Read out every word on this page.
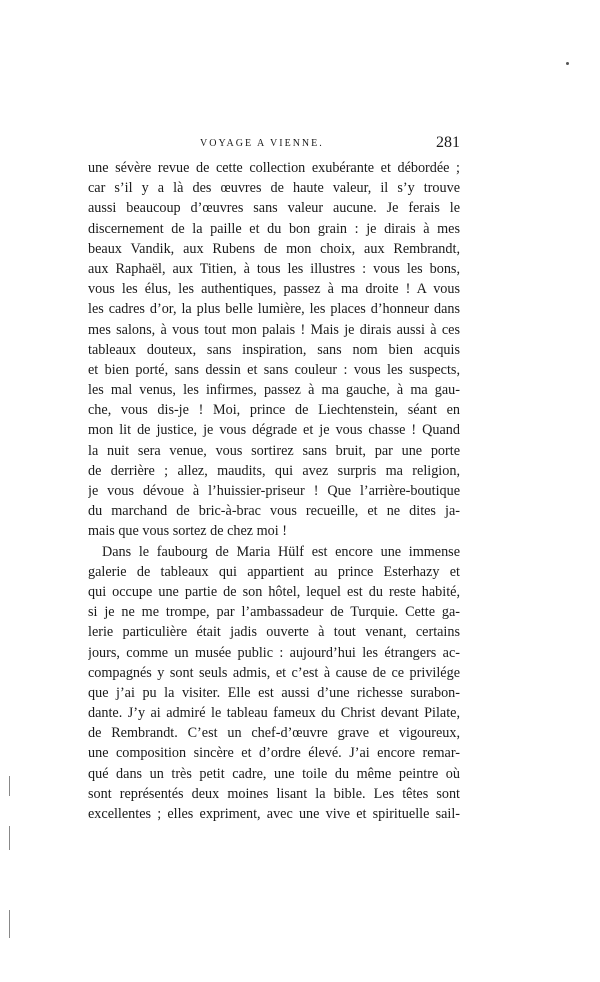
VOYAGE A VIENNE.	281
une sévère revue de cette collection exubérante et débordée ;
car s’il y a là des œuvres de haute valeur, il s’y trouve
aussi beaucoup d’œuvres sans valeur aucune. Je ferais le
discernement de la paille et du bon grain : je dirais à mes
beaux Vandik, aux Rubens de mon choix, aux Rembrandt,
aux Raphaël, aux Titien, à tous les illustres : vous les bons,
vous les élus, les authentiques, passez à ma droite ! A vous
les cadres d’or, la plus belle lumière, les places d’honneur dans
mes salons, à vous tout mon palais ! Mais je dirais aussi à ces
tableaux douteux, sans inspiration, sans nom bien acquis
et bien porté, sans dessin et sans couleur : vous les suspects,
les mal venus, les infirmes, passez à ma gauche, à ma gau-
che, vous dis-je ! Moi, prince de Liechtenstein, séant en
mon lit de justice, je vous dégrade et je vous chasse ! Quand
la nuit sera venue, vous sortirez sans bruit, par une porte
de derrière ; allez, maudits, qui avez surpris ma religion,
je vous dévoue à l’huissier-priseur ! Que l’arrière-boutique
du marchand de bric-à-brac vous recueille, et ne dites ja-
mais que vous sortez de chez moi !
Dans le faubourg de Maria Hülf est encore une immense
galerie de tableaux qui appartient au prince Esterhazy et
qui occupe une partie de son hôtel, lequel est du reste habité,
si je ne me trompe, par l’ambassadeur de Turquie. Cette ga-
lerie particulière était jadis ouverte à tout venant, certains
jours, comme un musée public : aujourd’hui les étrangers ac-
compagnés y sont seuls admis, et c’est à cause de ce privilége
que j’ai pu la visiter. Elle est aussi d’une richesse surabon-
dante. J’y ai admiré le tableau fameux du Christ devant Pilate,
de Rembrandt. C’est un chef-d’œuvre grave et vigoureux,
une composition sincère et d’ordre élevé. J’ai encore remar-
qué dans un très petit cadre, une toile du même peintre où
sont représentés deux moines lisant la bible. Les têtes sont
excellentes ; elles expriment, avec une vive et spirituelle sail-
